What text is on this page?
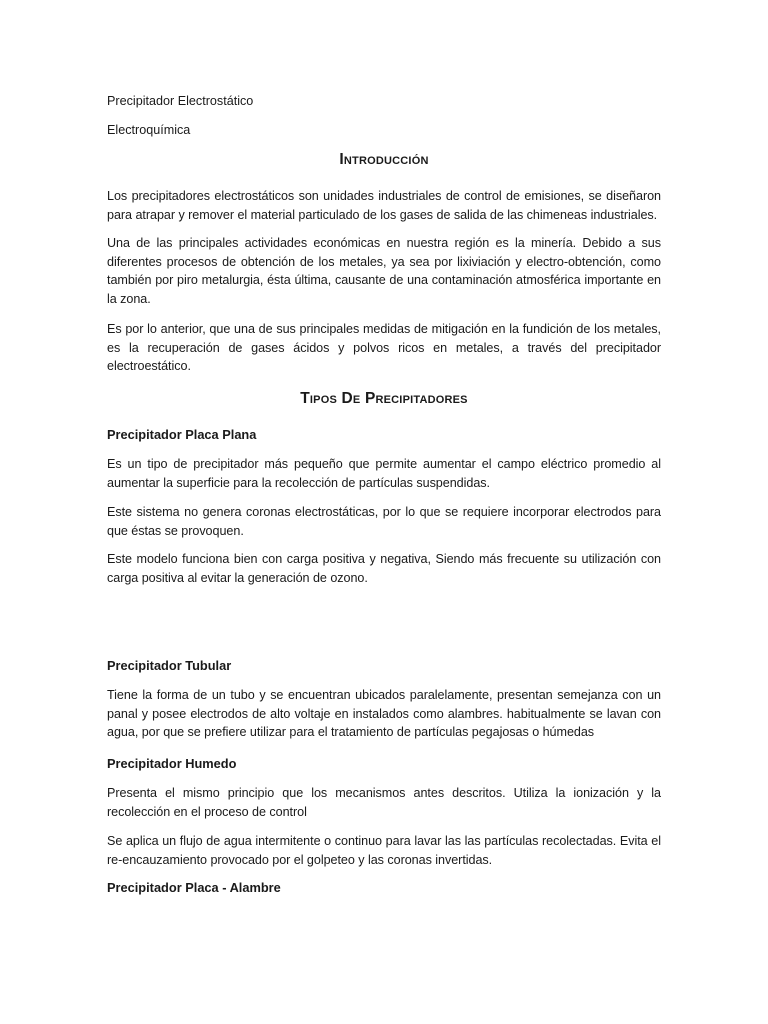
Precipitador Electrostático
Electroquímica
Introducción
Los precipitadores electrostáticos son unidades industriales de control de emisiones, se diseñaron para atrapar y remover el material particulado de los gases de salida de las chimeneas industriales.
Una de las principales actividades económicas en nuestra región es la minería. Debido a sus diferentes procesos de obtención de los metales, ya sea por lixiviación y electro-obtención, como también por piro metalurgia, ésta última, causante de una contaminación atmosférica importante en la zona.
Es por lo anterior, que una de sus principales medidas de mitigación en la fundición de los metales, es la recuperación de gases ácidos y polvos ricos en metales, a través del precipitador electroestático.
Tipos De Precipitadores
Precipitador Placa Plana
Es un tipo de precipitador más pequeño que permite aumentar el campo eléctrico promedio al aumentar la superficie para la recolección de partículas suspendidas.
Este sistema no genera coronas electrostáticas, por lo que se requiere incorporar electrodos para que éstas se provoquen.
Este modelo funciona bien con carga positiva y negativa, Siendo más frecuente su utilización con carga positiva al evitar la generación de ozono.
Precipitador Tubular
Tiene la forma de un tubo y se encuentran ubicados paralelamente, presentan semejanza con un panal y posee electrodos de alto voltaje en instalados como alambres. habitualmente se lavan con agua, por que se prefiere utilizar para el tratamiento de partículas pegajosas o húmedas
Precipitador Humedo
Presenta el mismo principio que los mecanismos antes descritos. Utiliza la ionización y la recolección en el proceso de control
Se aplica un flujo de agua intermitente o continuo para lavar las las partículas recolectadas. Evita el re-encauzamiento provocado por el golpeteo y las coronas invertidas.
Precipitador Placa - Alambre
